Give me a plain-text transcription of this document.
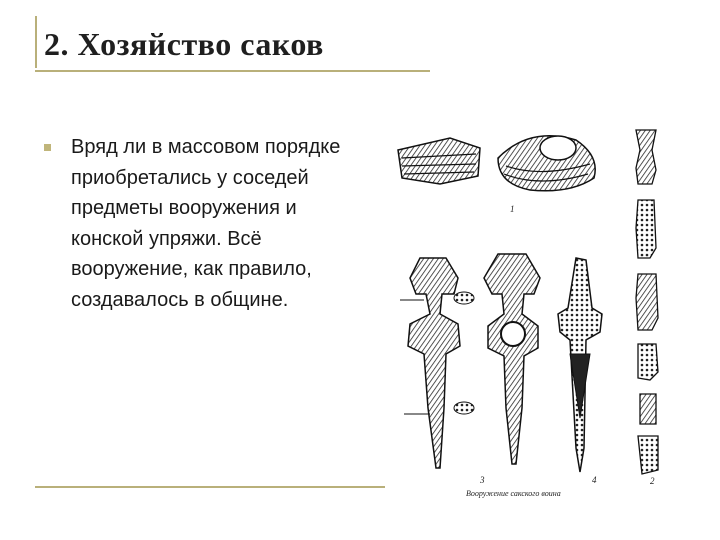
2. Хозяйство саков
Вряд ли в массовом порядке приобретались у соседей предметы вооружения и конской упряжи. Всё вооружение, как правило, создавалось в общине.
1
3	4	2
Вооружение сакского воина
